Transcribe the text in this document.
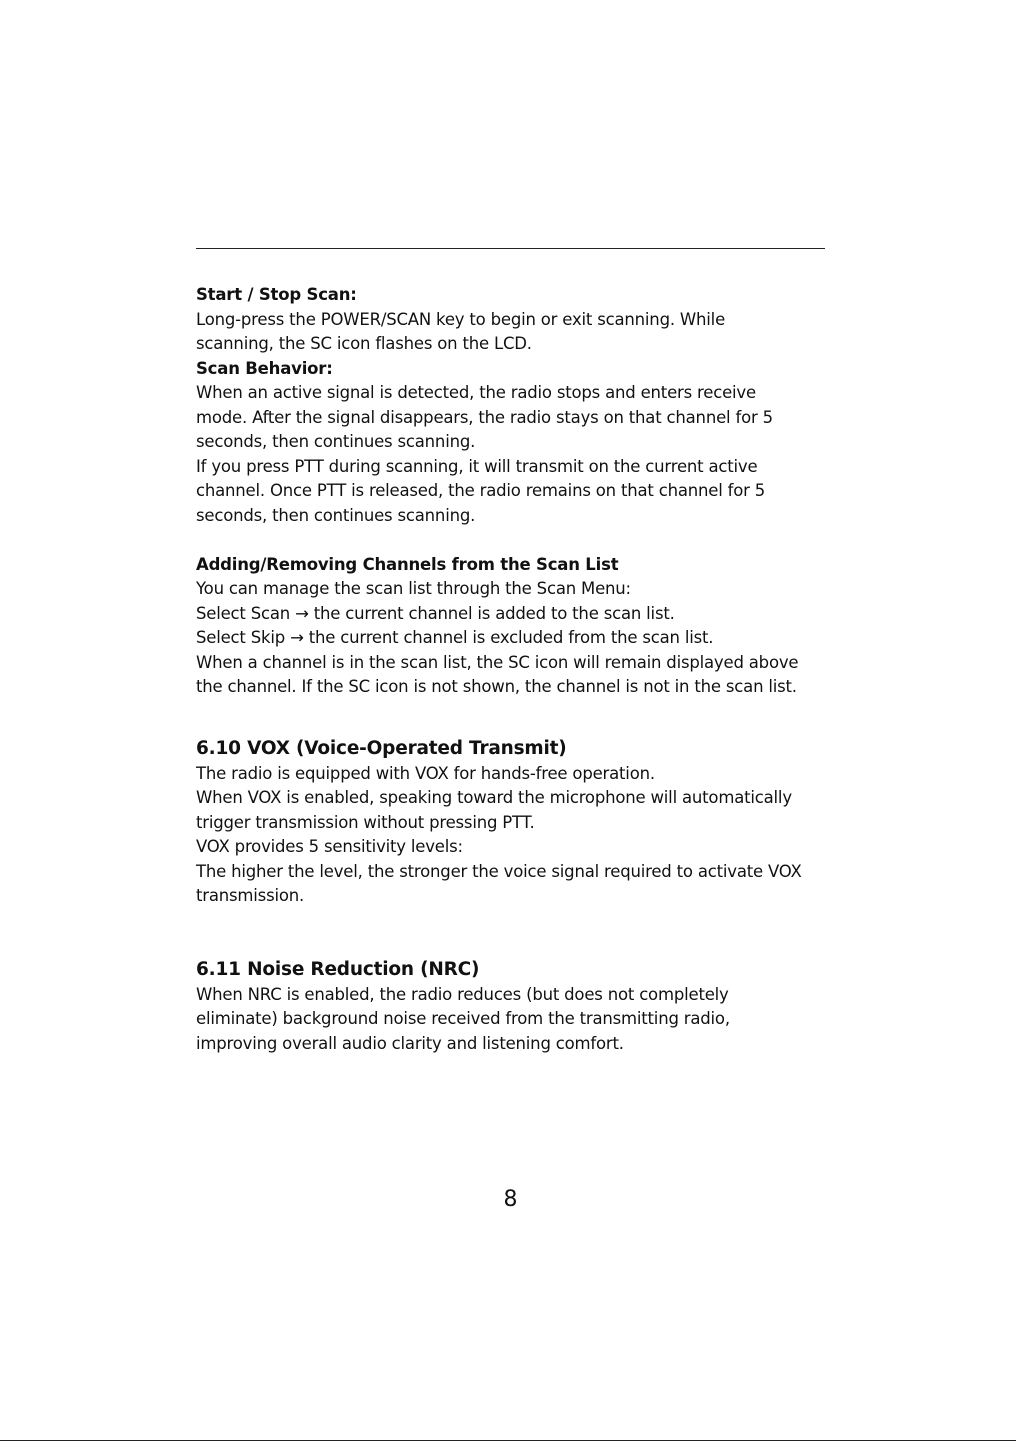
Start / Stop Scan:
Long-press the POWER/SCAN key to begin or exit scanning. While
scanning, the SC icon flashes on the LCD.
Scan Behavior:
When an active signal is detected, the radio stops and enters receive
mode. After the signal disappears, the radio stays on that channel for 5
seconds, then continues scanning.
If you press PTT during scanning, it will transmit on the current active
channel. Once PTT is released, the radio remains on that channel for 5
seconds, then continues scanning.
Adding/Removing Channels from the Scan List
You can manage the scan list through the Scan Menu:
Select Scan → the current channel is added to the scan list.
Select Skip → the current channel is excluded from the scan list.
When a channel is in the scan list, the SC icon will remain displayed above
the channel. If the SC icon is not shown, the channel is not in the scan list.
6.10 VOX (Voice-Operated Transmit)
The radio is equipped with VOX for hands-free operation.
When VOX is enabled, speaking toward the microphone will automatically
trigger transmission without pressing PTT.
VOX provides 5 sensitivity levels:
The higher the level, the stronger the voice signal required to activate VOX
transmission.
6.11 Noise Reduction (NRC)
When NRC is enabled, the radio reduces (but does not completely
eliminate) background noise received from the transmitting radio,
improving overall audio clarity and listening comfort.
8
